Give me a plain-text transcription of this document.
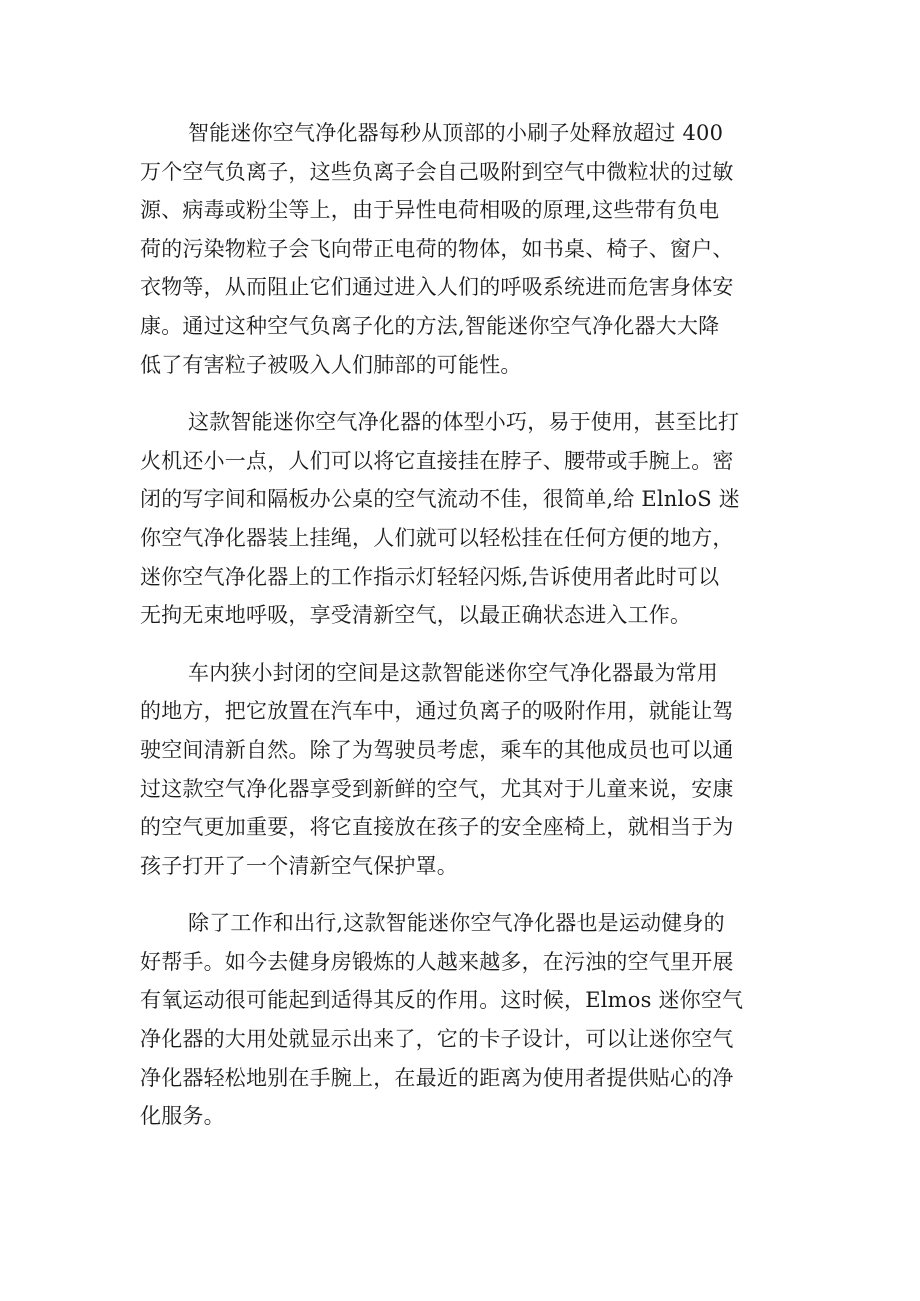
智能迷你空气净化器每秒从顶部的小刷子处释放超过 400
万个空气负离子，这些负离子会自己吸附到空气中微粒状的过敏
源、病毒或粉尘等上，由于异性电荷相吸的原理,这些带有负电
荷的污染物粒子会飞向带正电荷的物体，如书桌、椅子、窗户、
衣物等，从而阻止它们通过进入人们的呼吸系统进而危害身体安
康。通过这种空气负离子化的方法,智能迷你空气净化器大大降
低了有害粒子被吸入人们肺部的可能性。

这款智能迷你空气净化器的体型小巧，易于使用，甚至比打
火机还小一点，人们可以将它直接挂在脖子、腰带或手腕上。密
闭的写字间和隔板办公桌的空气流动不佳，很简单,给 ElnloS 迷
你空气净化器装上挂绳，人们就可以轻松挂在任何方便的地方，
迷你空气净化器上的工作指示灯轻轻闪烁,告诉使用者此时可以
无拘无束地呼吸，享受清新空气，以最正确状态进入工作。

车内狭小封闭的空间是这款智能迷你空气净化器最为常用
的地方，把它放置在汽车中，通过负离子的吸附作用，就能让驾
驶空间清新自然。除了为驾驶员考虑，乘车的其他成员也可以通
过这款空气净化器享受到新鲜的空气，尤其对于儿童来说，安康
的空气更加重要，将它直接放在孩子的安全座椅上，就相当于为
孩子打开了一个清新空气保护罩。

除了工作和出行,这款智能迷你空气净化器也是运动健身的
好帮手。如今去健身房锻炼的人越来越多，在污浊的空气里开展
有氧运动很可能起到适得其反的作用。这时候，Elmos 迷你空气
净化器的大用处就显示出来了，它的卡子设计，可以让迷你空气
净化器轻松地别在手腕上，在最近的距离为使用者提供贴心的净
化服务。
